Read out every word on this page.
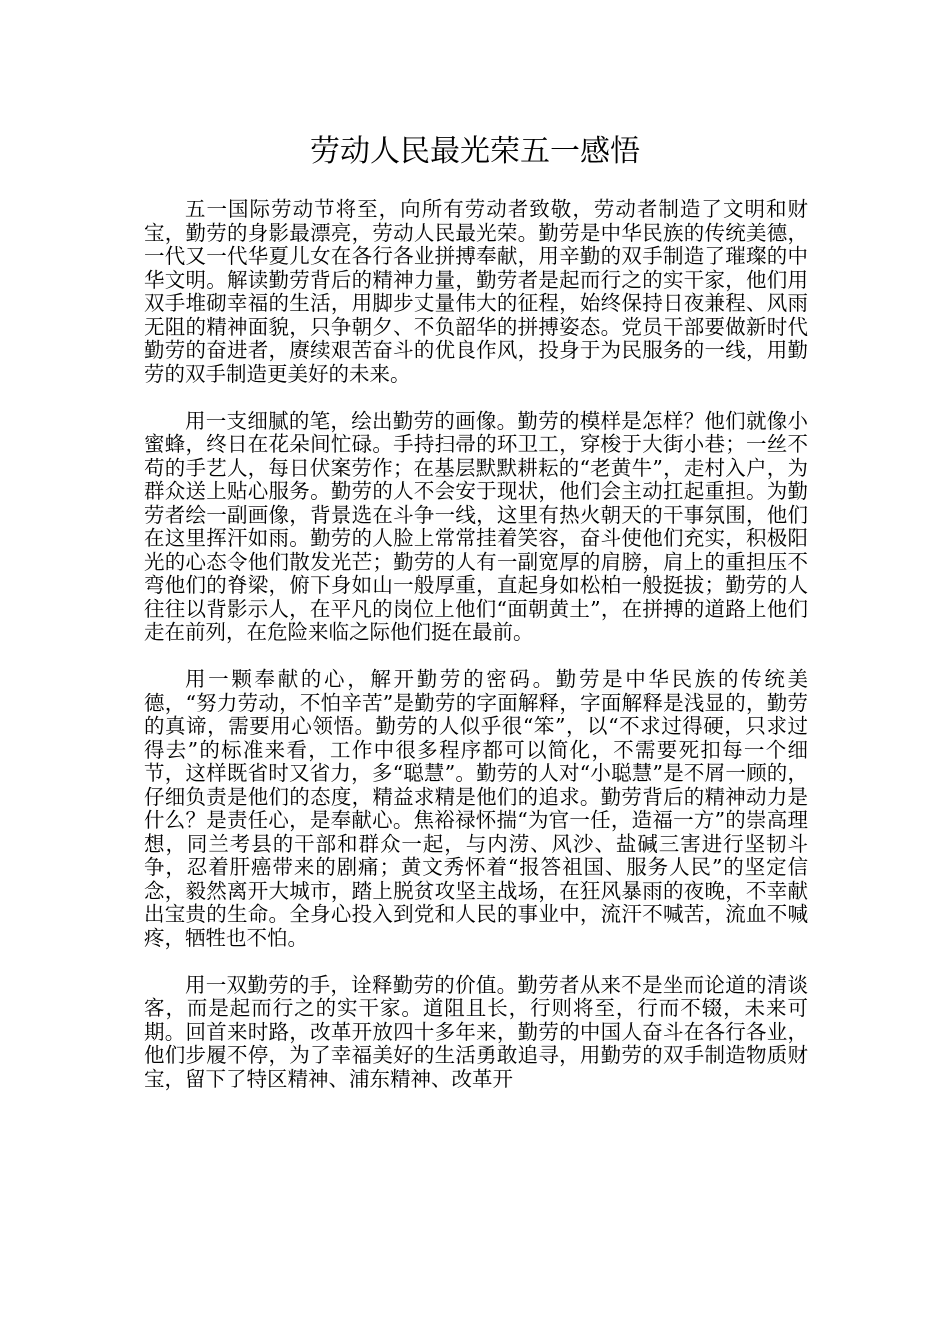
劳动人民最光荣五一感悟

五一国际劳动节将至，向所有劳动者致敬，劳动者制造了文明和财宝，勤劳的身影最漂亮，劳动人民最光荣。勤劳是中华民族的传统美德，一代又一代华夏儿女在各行各业拼搏奉献，用辛勤的双手制造了璀璨的中华文明。解读勤劳背后的精神力量，勤劳者是起而行之的实干家，他们用双手堆砌幸福的生活，用脚步丈量伟大的征程，始终保持日夜兼程、风雨无阻的精神面貌，只争朝夕、不负韶华的拼搏姿态。党员干部要做新时代勤劳的奋进者，赓续艰苦奋斗的优良作风，投身于为民服务的一线，用勤劳的双手制造更美好的未来。

用一支细腻的笔，绘出勤劳的画像。勤劳的模样是怎样？他们就像小蜜蜂，终日在花朵间忙碌。手持扫帚的环卫工，穿梭于大街小巷；一丝不苟的手艺人，每日伏案劳作；在基层默默耕耘的“老黄牛”，走村入户，为群众送上贴心服务。勤劳的人不会安于现状，他们会主动扛起重担。为勤劳者绘一副画像，背景选在斗争一线，这里有热火朝天的干事氛围，他们在这里挥汗如雨。勤劳的人脸上常常挂着笑容，奋斗使他们充实，积极阳光的心态令他们散发光芒；勤劳的人有一副宽厚的肩膀，肩上的重担压不弯他们的脊梁，俯下身如山一般厚重，直起身如松柏一般挺拔；勤劳的人往往以背影示人，在平凡的岗位上他们“面朝黄土”，在拼搏的道路上他们走在前列，在危险来临之际他们挺在最前。

用一颗奉献的心，解开勤劳的密码。勤劳是中华民族的传统美德，“努力劳动，不怕辛苦”是勤劳的字面解释，字面解释是浅显的，勤劳的真谛，需要用心领悟。勤劳的人似乎很“笨”，以“不求过得硬，只求过得去”的标准来看，工作中很多程序都可以简化，不需要死扣每一个细节，这样既省时又省力，多“聪慧”。勤劳的人对“小聪慧”是不屑一顾的，仔细负责是他们的态度，精益求精是他们的追求。勤劳背后的精神动力是什么？是责任心，是奉献心。焦裕禄怀揣“为官一任，造福一方”的崇高理想，同兰考县的干部和群众一起，与内涝、风沙、盐碱三害进行坚韧斗争，忍着肝癌带来的剧痛；黄文秀怀着“报答祖国、服务人民”的坚定信念，毅然离开大城市，踏上脱贫攻坚主战场，在狂风暴雨的夜晚，不幸献出宝贵的生命。全身心投入到党和人民的事业中，流汗不喊苦，流血不喊疼，牺牲也不怕。

用一双勤劳的手，诠释勤劳的价值。勤劳者从来不是坐而论道的清谈客，而是起而行之的实干家。道阻且长，行则将至，行而不辍，未来可期。回首来时路，改革开放四十多年来，勤劳的中国人奋斗在各行各业，他们步履不停，为了幸福美好的生活勇敢追寻，用勤劳的双手制造物质财宝，留下了特区精神、浦东精神、改革开
